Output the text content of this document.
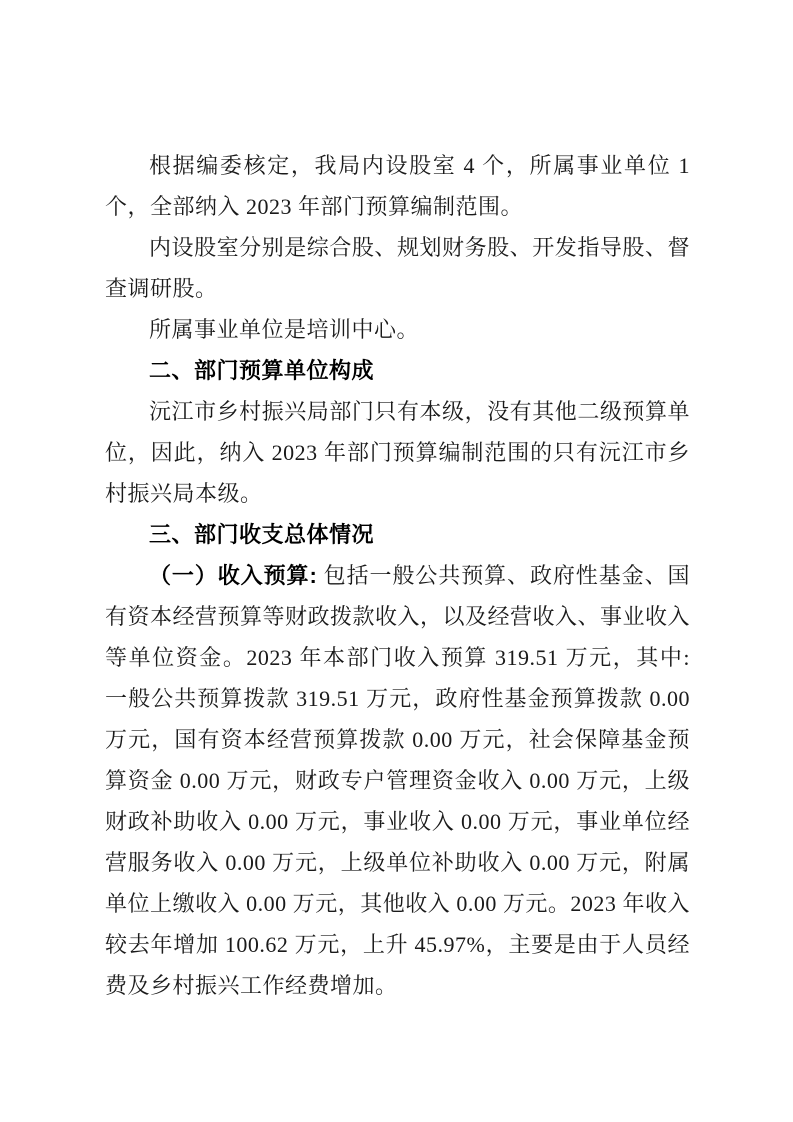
根据编委核定，我局内设股室 4 个，所属事业单位 1 个，全部纳入 2023 年部门预算编制范围。

内设股室分别是综合股、规划财务股、开发指导股、督查调研股。

所属事业单位是培训中心。

二、部门预算单位构成

沅江市乡村振兴局部门只有本级，没有其他二级预算单位，因此，纳入 2023 年部门预算编制范围的只有沅江市乡村振兴局本级。

三、部门收支总体情况

（一）收入预算: 包括一般公共预算、政府性基金、国有资本经营预算等财政拨款收入，以及经营收入、事业收入等单位资金。2023 年本部门收入预算 319.51 万元，其中: 一般公共预算拨款 319.51 万元，政府性基金预算拨款 0.00 万元，国有资本经营预算拨款 0.00 万元，社会保障基金预算资金 0.00 万元，财政专户管理资金收入 0.00 万元，上级财政补助收入 0.00 万元，事业收入 0.00 万元，事业单位经营服务收入 0.00 万元，上级单位补助收入 0.00 万元，附属单位上缴收入 0.00 万元，其他收入 0.00 万元。2023 年收入较去年增加 100.62 万元，上升 45.97%，主要是由于人员经费及乡村振兴工作经费增加。
